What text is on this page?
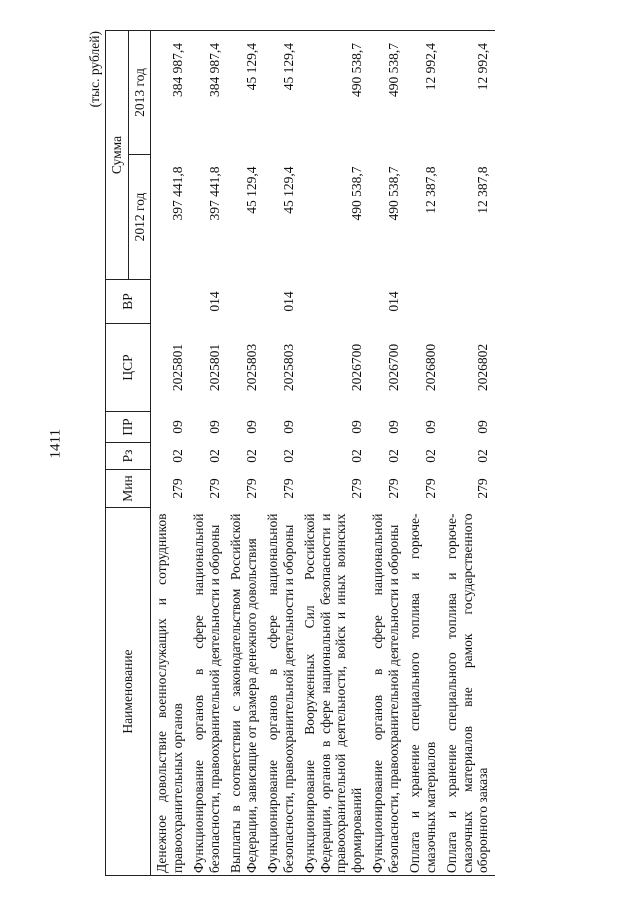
1411
(тыс. рублей)
Наименование	Мин	Рз	ПР	ЦСР	ВР	Сумма	
						2012 год	2013 год
Денежное довольствие военнослужащих и сотрудников правоохранительных органов	279	02	09	2025801		397 441,8	384 987,4
Функционирование органов в сфере национальной безопасности, правоохранительной деятельности и обороны	279	02	09	2025801	014	397 441,8	384 987,4
Выплаты в соответствии с законодательством Российской Федерации, зависящие от размера денежного довольствия	279	02	09	2025803		45 129,4	45 129,4
Функционирование органов в сфере национальной безопасности, правоохранительной деятельности и обороны	279	02	09	2025803	014	45 129,4	45 129,4
Функционирование Вооруженных Сил Российской Федерации, органов в сфере национальной безопасности и правоохранительной деятельности, войск и иных воинских формирований	279	02	09	2026700		490 538,7	490 538,7
Функционирование органов в сфере национальной безопасности, правоохранительной деятельности и обороны	279	02	09	2026700	014	490 538,7	490 538,7
Оплата и хранение специального топлива и горюче-смазочных материалов	279	02	09	2026800		12 387,8	12 992,4
Оплата и хранение специального топлива и горюче-смазочных материалов вне рамок государственного оборонного заказа	279	02	09	2026802		12 387,8	12 992,4
